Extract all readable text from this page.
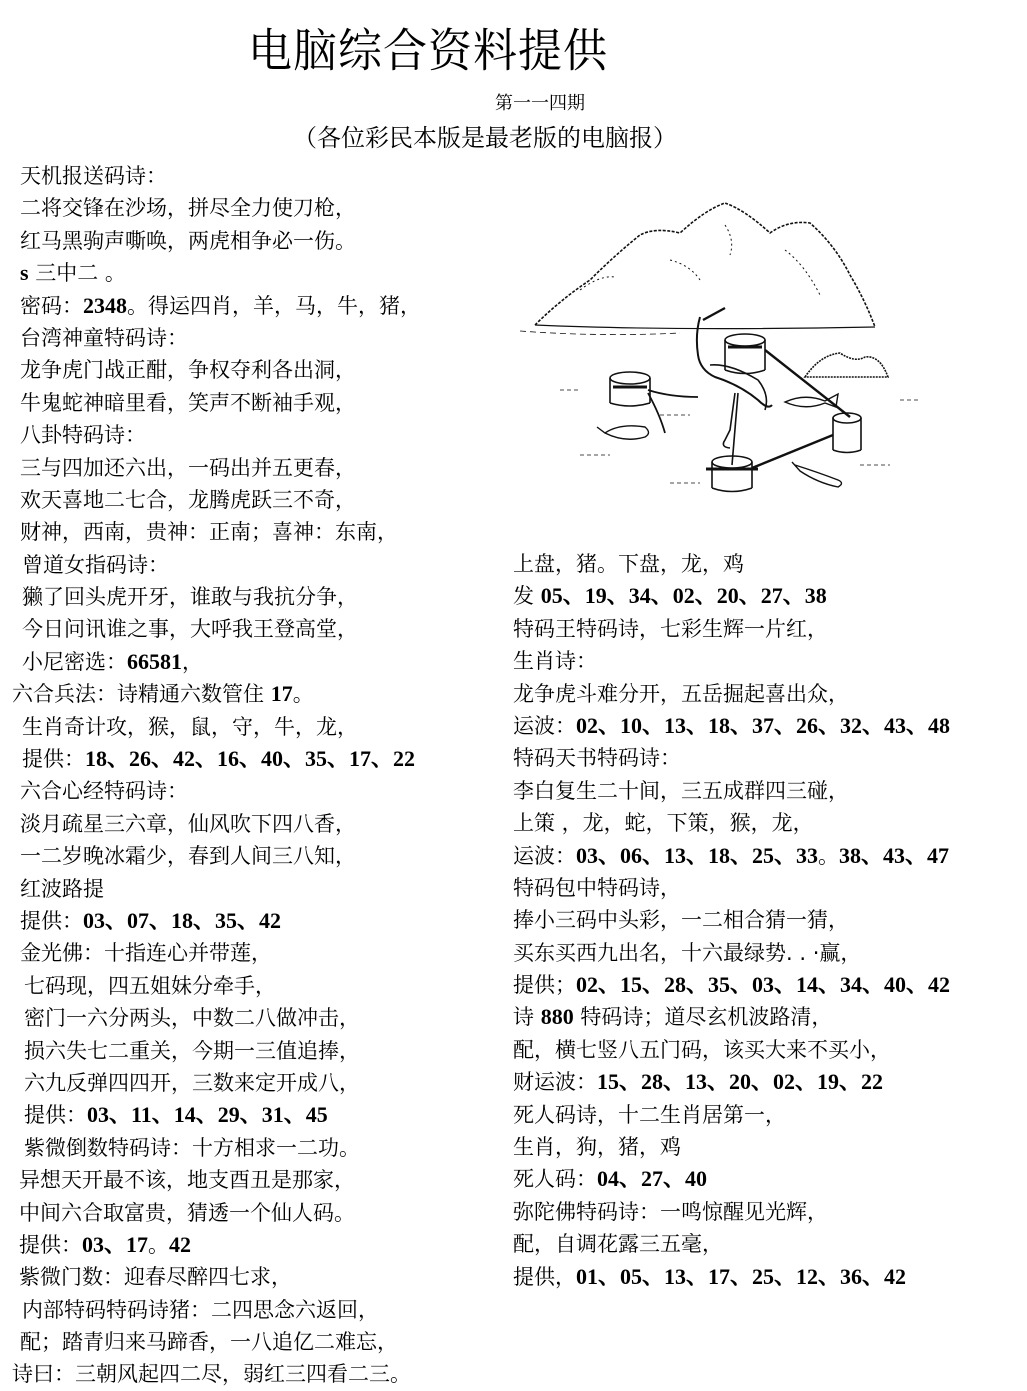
电脑综合资料提供
第一一四期
（各位彩民本版是最老版的电脑报）
天机报送码诗：
二将交锋在沙场，拼尽全力使刀枪，
红马黑驹声嘶唤，两虎相争必一伤。
s 三中二 。
密码：2348。得运四肖，羊，马，牛，猪，
台湾神童特码诗：
龙争虎门战正酣，争权夺利各出洞，
牛鬼蛇神暗里看，笑声不断袖手观，
八卦特码诗：
三与四加还六出，一码出并五更春，
欢天喜地二七合，龙腾虎跃三不奇，
财神，西南，贵神：正南；喜神：东南，
曾道女指码诗：
獭了回头虎开牙，谁敢与我抗分争，
今日问讯谁之事，大呼我王登高堂，
小尼密选：66581，
六合兵法：诗精通六数管住 17。
生肖奇计攻，猴，鼠，守，牛，龙，
提供：18、26、42、16、40、35、17、22
六合心经特码诗：
淡月疏星三六章，仙风吹下四八香，
一二岁晚冰霜少，春到人间三八知，
红波路提
提供：03、07、18、35、42
金光佛：十指连心并带莲，
七码现，四五姐妹分牵手，
密门一六分两头，中数二八做冲击，
损六失七二重关，今期一三值追捧，
六九反弹四四开，三数来定开成八，
提供：03、11、14、29、31、45
紫微倒数特码诗：十方相求一二功。
异想天开最不该，地支酉丑是那家，
中间六合取富贵，猜透一个仙人码。
提供：03、17。42
紫微门数：迎春尽醉四七求，
内部特码特码诗猪：二四思念六返回，
配；踏青归来马蹄香，一八追亿二难忘，
诗曰：三朝风起四二尽，弱红三四看二三。
上盘，猪。下盘，龙，鸡
发 05、19、34、02、20、27、38
特码王特码诗，七彩生辉一片红，
生肖诗：
龙争虎斗难分开，五岳掘起喜出众，
运波：02、10、13、18、37、26、32、43、48
特码天书特码诗：
李白复生二十间，三五成群四三碰，
上策 ，龙，蛇，下策，猴，龙，
运波：03、06、13、18、25、33。38、43、47
特码包中特码诗，
捧小三码中头彩，一二相合猜一猜，
买东买西九出名，十六最绿势. . ·赢，
提供；02、15、28、35、03、14、34、40、42
诗 880 特码诗；道尽玄机波路清，
配，横七竖八五门码，该买大来不买小，
财运波：15、28、13、20、02、19、22
死人码诗，十二生肖居第一，
生肖，狗，猪，鸡
死人码：04、27、40
弥陀佛特码诗：一鸣惊醒见光辉，
配，自调花露三五毫，
提供，01、05、13、17、25、12、36、42
